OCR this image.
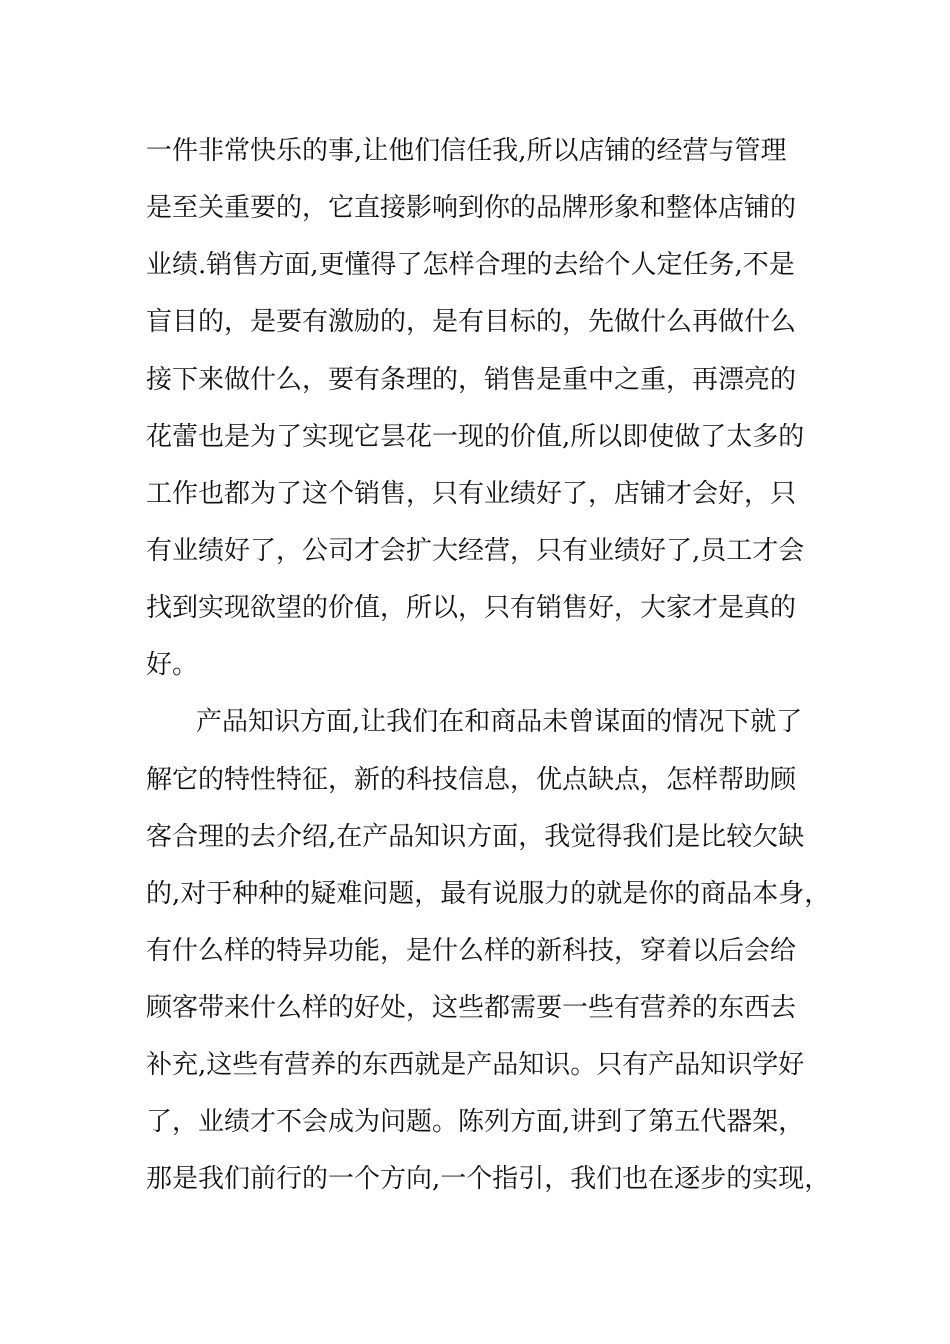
一件非常快乐的事,让他们信任我,所以店铺的经营与管理
是至关重要的，它直接影响到你的品牌形象和整体店铺的
业绩.销售方面,更懂得了怎样合理的去给个人定任务,不是
盲目的，是要有激励的，是有目标的，先做什么再做什么
接下来做什么，要有条理的，销售是重中之重，再漂亮的
花蕾也是为了实现它昙花一现的价值,所以即使做了太多的
工作也都为了这个销售，只有业绩好了，店铺才会好，只
有业绩好了，公司才会扩大经营，只有业绩好了,员工才会
找到实现欲望的价值，所以，只有销售好，大家才是真的
好。
产品知识方面,让我们在和商品未曾谋面的情况下就了
解它的特性特征，新的科技信息，优点缺点，怎样帮助顾
客合理的去介绍,在产品知识方面，我觉得我们是比较欠缺
的,对于种种的疑难问题，最有说服力的就是你的商品本身，
有什么样的特异功能，是什么样的新科技，穿着以后会给
顾客带来什么样的好处，这些都需要一些有营养的东西去
补充,这些有营养的东西就是产品知识。只有产品知识学好
了，业绩才不会成为问题。陈列方面,讲到了第五代器架，
那是我们前行的一个方向,一个指引，我们也在逐步的实现，
